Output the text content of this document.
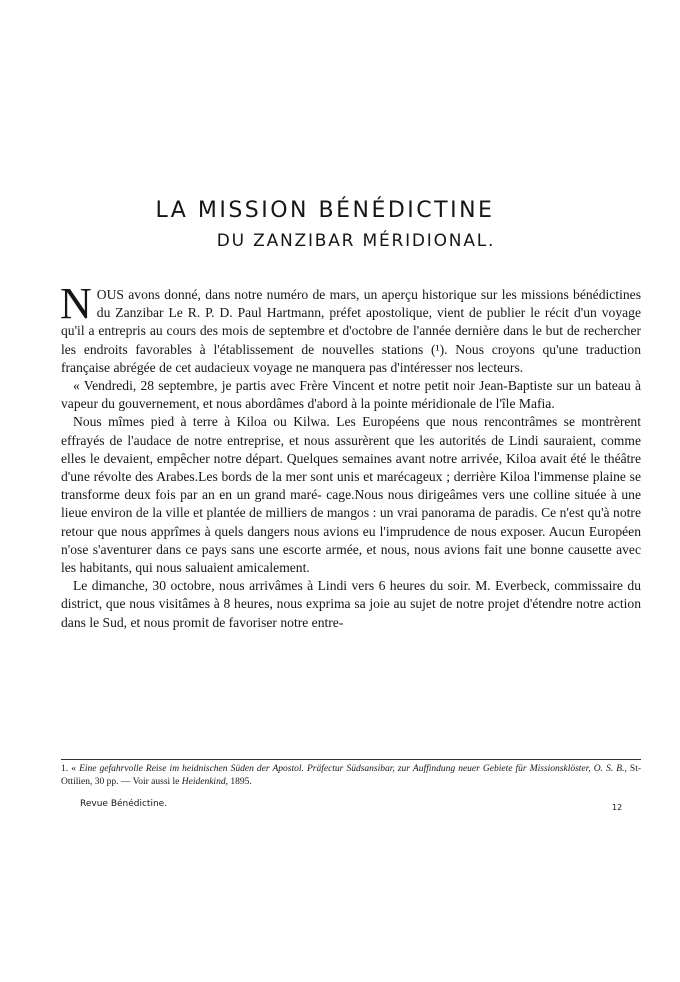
LA MISSION BÉNÉDICTINE
DU ZANZIBAR MÉRIDIONAL.

NOUS avons donné, dans notre numéro de mars, un aperçu historique sur les missions bénédictines du Zanzibar Le R. P. D. Paul Hartmann, préfet apostolique, vient de publier le récit d'un voyage qu'il a entrepris au cours des mois de septembre et d'octobre de l'année dernière dans le but de rechercher les endroits favorables à l'établissement de nouvelles stations (¹). Nous croyons qu'une traduction française abrégée de cet audacieux voyage ne manquera pas d'intéresser nos lecteurs.

« Vendredi, 28 septembre, je partis avec Frère Vincent et notre petit noir Jean-Baptiste sur un bateau à vapeur du gouvernement, et nous abordâmes d'abord à la pointe méridionale de l'île Mafia.

Nous mîmes pied à terre à Kiloa ou Kilwa. Les Européens que nous rencontrâmes se montrèrent effrayés de l'audace de notre entreprise, et nous assurèrent que les autorités de Lindi sauraient, comme elles le devaient, empêcher notre départ. Quelques semaines avant notre arrivée, Kiloa avait été le théâtre d'une révolte des Arabes.Les bords de la mer sont unis et marécageux ; derrière Kiloa l'immense plaine se transforme deux fois par an en un grand maré- cage.Nous nous dirigeâmes vers une colline située à une lieue environ de la ville et plantée de milliers de mangos : un vrai panorama de paradis. Ce n'est qu'à notre retour que nous apprîmes à quels dangers nous avions eu l'imprudence de nous exposer. Aucun Européen n'ose s'aventurer dans ce pays sans une escorte armée, et nous, nous avions fait une bonne causette avec les habitants, qui nous saluaient amicalement.

Le dimanche, 30 octobre, nous arrivâmes à Lindi vers 6 heures du soir. M. Everbeck, commissaire du district, que nous visitâmes à 8 heures, nous exprima sa joie au sujet de notre projet d'étendre notre action dans le Sud, et nous promit de favoriser notre entre-

1. « Eine gefahrvolle Reise im heidnischen Süden der Apostol. Präfectur Südsansibar, zur Auffindung neuer Gebiete für Missionsklöster, O. S. B., St-Ottilien, 30 pp. — Voir aussi le Heidenkind, 1895.
Revue Bénédictine.	12
